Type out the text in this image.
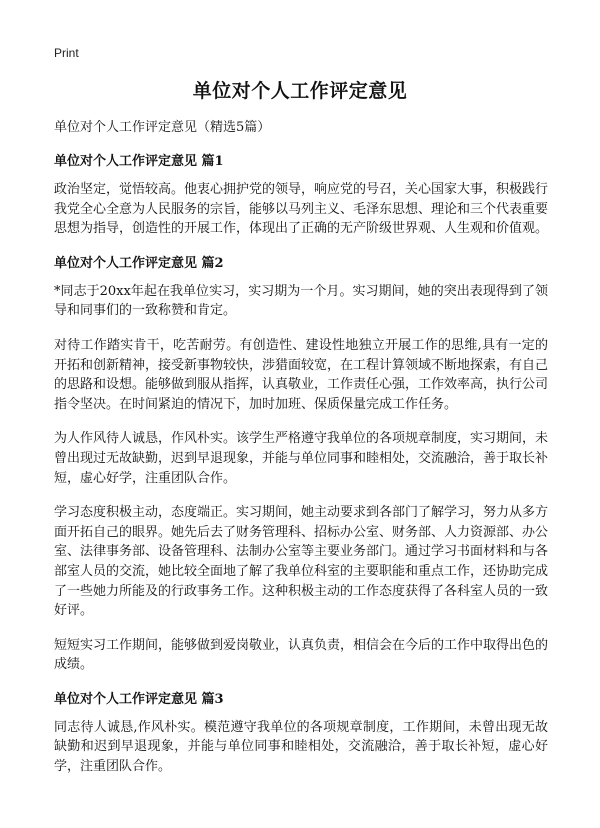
Print
单位对个人工作评定意见
单位对个人工作评定意见（精选5篇）
单位对个人工作评定意见 篇1

政治坚定，觉悟较高。他衷心拥护党的领导，响应党的号召，关心国家大事，积极践行我党全心全意为人民服务的宗旨，能够以马列主义、毛泽东思想、理论和三个代表重要思想为指导，创造性的开展工作，体现出了正确的无产阶级世界观、人生观和价值观。

单位对个人工作评定意见 篇2

*同志于20xx年起在我单位实习，实习期为一个月。实习期间，她的突出表现得到了领导和同事们的一致称赞和肯定。

对待工作踏实肯干，吃苦耐劳。有创造性、建设性地独立开展工作的思维,具有一定的开拓和创新精神，接受新事物较快，涉猎面较宽，在工程计算领域不断地探索，有自己的思路和设想。能够做到服从指挥，认真敬业，工作责任心强，工作效率高，执行公司指令坚决。在时间紧迫的情况下，加时加班、保质保量完成工作任务。

为人作风待人诚恳，作风朴实。该学生严格遵守我单位的各项规章制度，实习期间，未曾出现过无故缺勤，迟到早退现象，并能与单位同事和睦相处，交流融洽，善于取长补短，虚心好学，注重团队合作。

学习态度积极主动，态度端正。实习期间，她主动要求到各部门了解学习，努力从多方面开拓自己的眼界。她先后去了财务管理科、招标办公室、财务部、人力资源部、办公室、法律事务部、设备管理科、法制办公室等主要业务部门。通过学习书面材料和与各部室人员的交流，她比较全面地了解了我单位科室的主要职能和重点工作，还协助完成了一些她力所能及的行政事务工作。这种积极主动的工作态度获得了各科室人员的一致好评。

短短实习工作期间，能够做到爱岗敬业，认真负责，相信会在今后的工作中取得出色的成绩。

单位对个人工作评定意见 篇3

同志待人诚恳,作风朴实。模范遵守我单位的各项规章制度，工作期间，未曾出现无故缺勤和迟到早退现象，并能与单位同事和睦相处，交流融洽，善于取长补短，虚心好学，注重团队合作。
